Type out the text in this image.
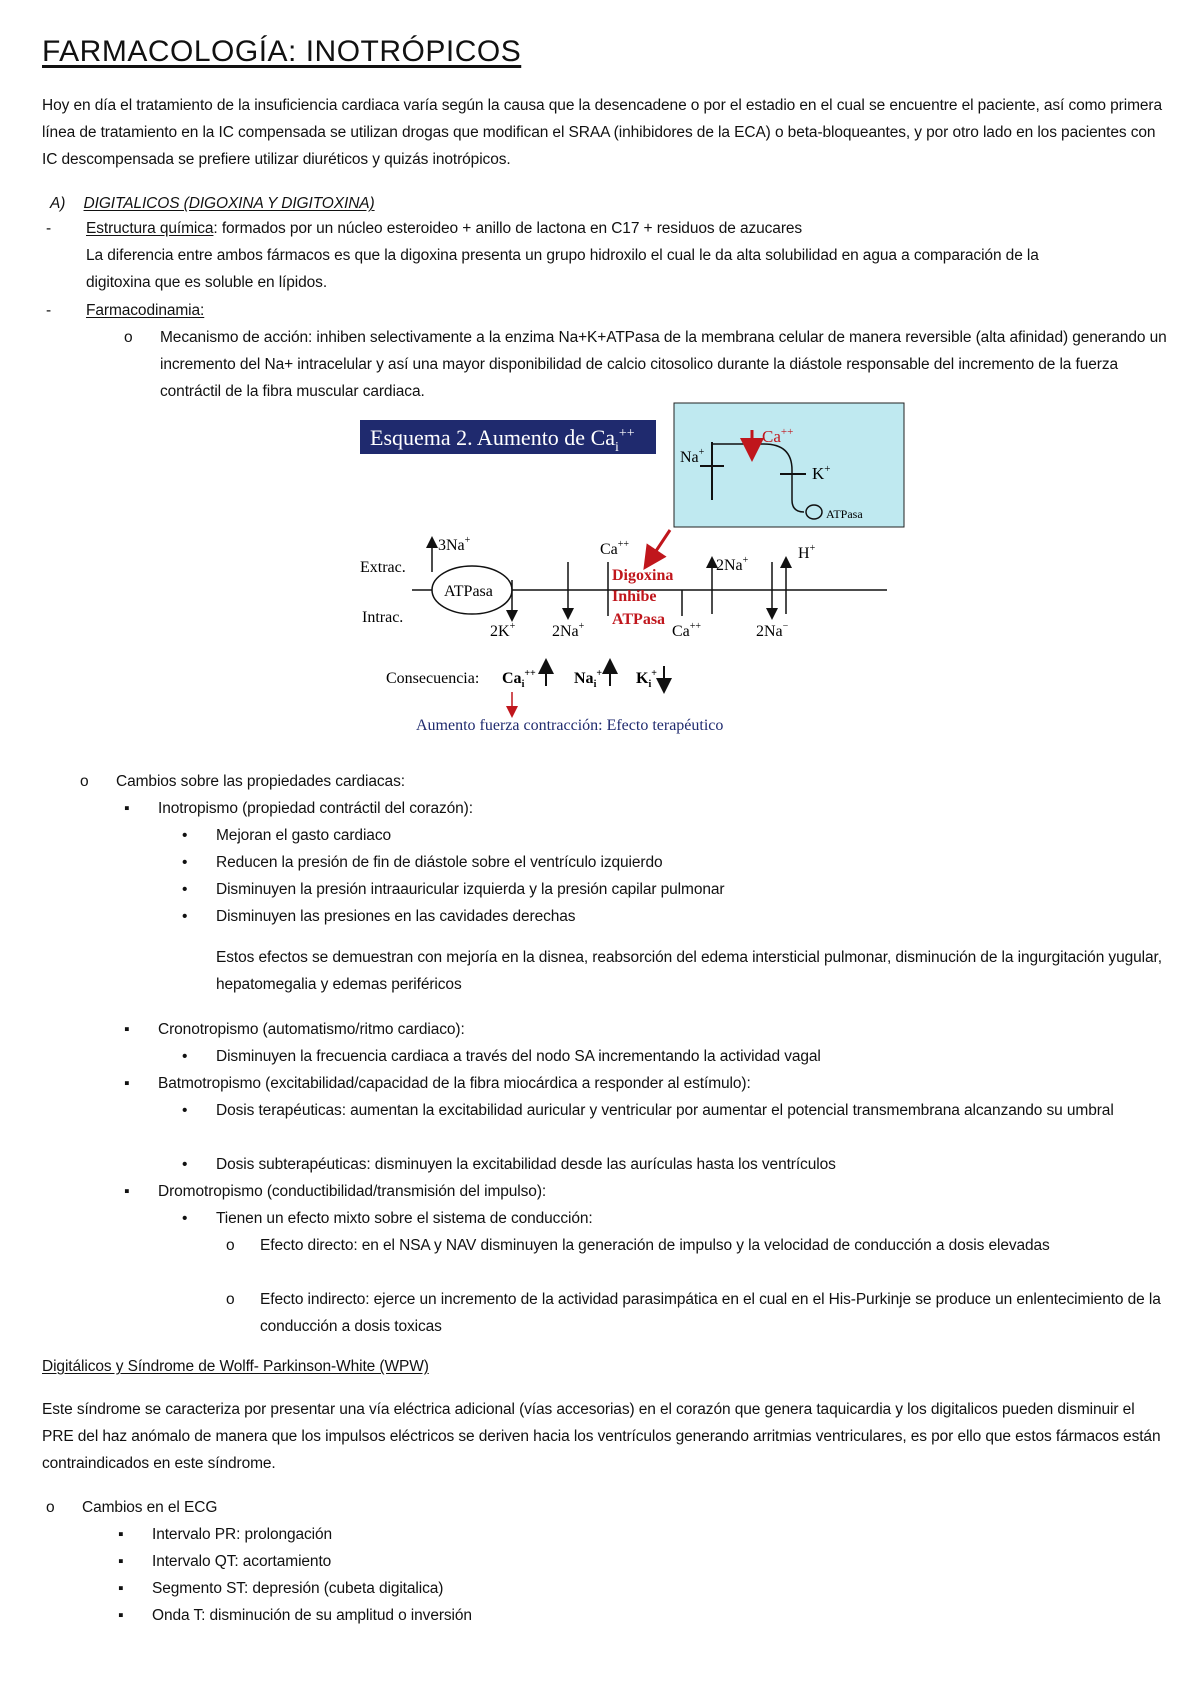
FARMACOLOGÍA: INOTRÓPICOS
Hoy en día el tratamiento de la insuficiencia cardiaca varía según la causa que la desencadene o por el estadio en el cual se encuentre el paciente, así como primera línea de tratamiento en la IC compensada se utilizan drogas que modifican el SRAA (inhibidores de la ECA) o beta-bloqueantes, y por otro lado en los pacientes con IC descompensada se prefiere utilizar diuréticos y quizás inotrópicos.
A) DIGITALICOS (DIGOXINA Y DIGITOXINA)
- Estructura química: formados por un núcleo esteroideo + anillo de lactona en C17 + residuos de azucares
La diferencia entre ambos fármacos es que la digoxina presenta un grupo hidroxilo el cual le da alta solubilidad en agua a comparación de la digitoxina que es soluble en lípidos.
- Farmacodinamia:
o Mecanismo de acción: inhiben selectivamente a la enzima Na+K+ATPasa de la membrana celular de manera reversible (alta afinidad) generando un incremento del Na+ intracelular y así una mayor disponibilidad de calcio citosolico durante la diástole responsable del incremento de la fuerza contráctil de la fibra muscular cardiaca.
Esquema 2. Aumento de $Ca_i^{++}$
Na+
Ca++
K+
ATPasa
Extrac.
Intrac.
ATPasa
3Na+
2K+ 2Na+
Ca++
Digoxina
Inhibe
ATPasa
Ca++
2Na+	H+
2Na−
Consecuencia: $Ca_i^{++}$ $Na_i^+$ $K_i^+$
Aumento fuerza contracción: Efecto terapéutico
o Cambios sobre las propiedades cardiacas:
▪ Inotropismo (propiedad contráctil del corazón):
• Mejoran el gasto cardiaco
• Reducen la presión de fin de diástole sobre el ventrículo izquierdo
• Disminuyen la presión intraauricular izquierda y la presión capilar pulmonar
• Disminuyen las presiones en las cavidades derechas
Estos efectos se demuestran con mejoría en la disnea, reabsorción del edema intersticial pulmonar, disminución de la ingurgitación yugular, hepatomegalia y edemas periféricos
▪ Cronotropismo (automatismo/ritmo cardiaco):
• Disminuyen la frecuencia cardiaca a través del nodo SA incrementando la actividad vagal
▪ Batmotropismo (excitabilidad/capacidad de la fibra miocárdica a responder al estímulo):
• Dosis terapéuticas: aumentan la excitabilidad auricular y ventricular por aumentar el potencial transmembrana alcanzando su umbral
• Dosis subterapéuticas: disminuyen la excitabilidad desde las aurículas hasta los ventrículos
▪ Dromotropismo (conductibilidad/transmisión del impulso):
• Tienen un efecto mixto sobre el sistema de conducción:
o Efecto directo: en el NSA y NAV disminuyen la generación de impulso y la velocidad de conducción a dosis elevadas
o Efecto indirecto: ejerce un incremento de la actividad parasimpática en el cual en el His-Purkinje se produce un enlentecimiento de la conducción a dosis toxicas
Digitálicos y Síndrome de Wolff- Parkinson-White (WPW)
Este síndrome se caracteriza por presentar una vía eléctrica adicional (vías accesorias) en el corazón que genera taquicardia y los digitalicos pueden disminuir el PRE del haz anómalo de manera que los impulsos eléctricos se deriven hacia los ventrículos generando arritmias ventriculares, es por ello que estos fármacos están contraindicados en este síndrome.
o Cambios en el ECG
▪ Intervalo PR: prolongación
▪ Intervalo QT: acortamiento
▪ Segmento ST: depresión (cubeta digitalica)
▪ Onda T: disminución de su amplitud o inversión
